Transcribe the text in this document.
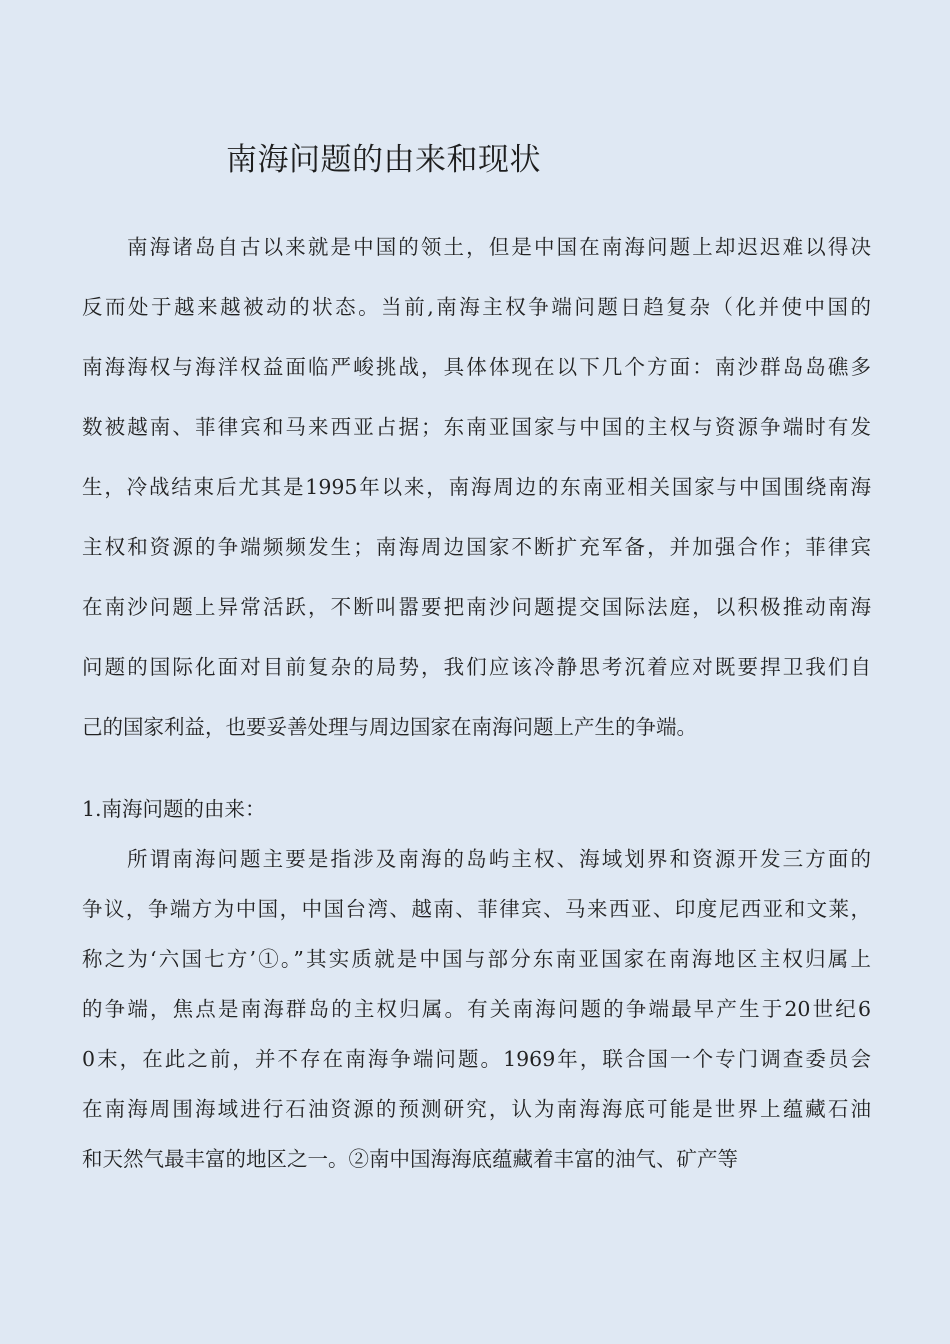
南海问题的由来和现状
南海诸岛自古以来就是中国的领土，但是中国在南海问题上却迟迟难以得决
反而处于越来越被动的状态。当前,南海主权争端问题日趋复杂（化并使中国的
南海海权与海洋权益面临严峻挑战，具体体现在以下几个方面：南沙群岛岛礁多
数被越南、菲律宾和马来西亚占据；东南亚国家与中国的主权与资源争端时有发
生，冷战结束后尤其是1995年以来，南海周边的东南亚相关国家与中国围绕南海
主权和资源的争端频频发生；南海周边国家不断扩充军备，并加强合作；菲律宾
在南沙问题上异常活跃，不断叫嚣要把南沙问题提交国际法庭，以积极推动南海
问题的国际化面对目前复杂的局势，我们应该冷静思考沉着应对既要捍卫我们自
己的国家利益，也要妥善处理与周边国家在南海问题上产生的争端。
1.南海问题的由来：
所谓南海问题主要是指涉及南海的岛屿主权、海域划界和资源开发三方面的
争议，争端方为中国，中国台湾、越南、菲律宾、马来西亚、印度尼西亚和文莱，
称之为‘六国七方’①。”其实质就是中国与部分东南亚国家在南海地区主权归属上
的争端，焦点是南海群岛的主权归属。有关南海问题的争端最早产生于20世纪6
0末，在此之前，并不存在南海争端问题。1969年，联合国一个专门调查委员会
在南海周围海域进行石油资源的预测研究，认为南海海底可能是世界上蕴藏石油
和天然气最丰富的地区之一。②南中国海海底蕴藏着丰富的油气、矿产等
